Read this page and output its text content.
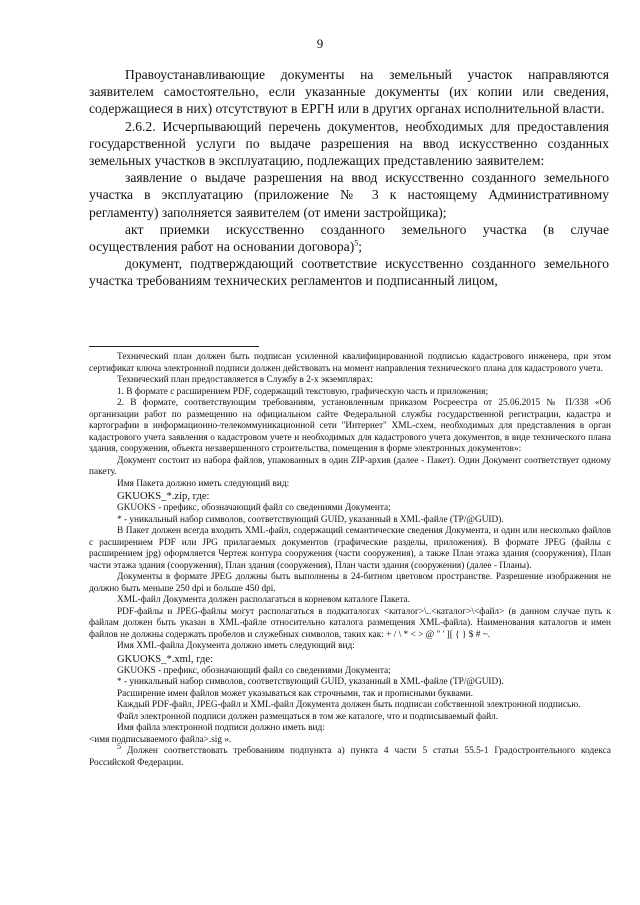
9

Правоустанавливающие документы на земельный участок направляются заявителем самостоятельно, если указанные документы (их копии или сведения, содержащиеся в них) отсутствуют в ЕРГН или в других органах исполнительной власти.

2.6.2. Исчерпывающий перечень документов, необходимых для предоставления государственной услуги по выдаче разрешения на ввод искусственно созданных земельных участков в эксплуатацию, подлежащих представлению заявителем:

заявление о выдаче разрешения на ввод искусственно созданного земельного участка в эксплуатацию (приложение № 3 к настоящему Административному регламенту) заполняется заявителем (от имени застройщика);

акт приемки искусственно созданного земельного участка (в случае осуществления работ на основании договора)$^5$;

документ, подтверждающий соответствие искусственно созданного земельного участка требованиям технических регламентов и подписанный лицом,

Технический план должен быть подписан усиленной квалифицированной подписью кадастрового инженера, при этом сертификат ключа электронной подписи должен действовать на момент направления технического плана для кадастрового учета.

Технический план предоставляется в Службу в 2-х экземплярах:

1. В формате с расширением PDF, содержащий текстовую, графическую часть и приложения;

2. В формате, соответствующим требованиям, установленным приказом Росреестра от 25.06.2015 № П/338 «Об организации работ по размещению на официальном сайте Федеральной службы государственной регистрации, кадастра и картографии в информационно-телекоммуникационной сети "Интернет" XML-схем, необходимых для представления в орган кадастрового учета заявления о кадастровом учете и необходимых для кадастрового учета документов, в виде технического плана здания, сооружения, объекта незавершенного строительства, помещения в форме электронных документов»:

Документ состоит из набора файлов, упакованных в один ZIP-архив (далее - Пакет). Один Документ соответствует одному пакету.

Имя Пакета должно иметь следующий вид:

GKUOKS_*.zip, где:

GKUOKS - префикс, обозначающий файл со сведениями Документа;

* - уникальный набор символов, соответствующий GUID, указанный в XML-файле (TP/@GUID).

В Пакет должен всегда входить XML-файл, содержащий семантические сведения Документа, и один или несколько файлов с расширением PDF или JPG прилагаемых документов (графические разделы, приложения). В формате JPEG (файлы с расширением jpg) оформляется Чертеж контура сооружения (части сооружения), а также План этажа здания (сооружения), План части этажа здания (сооружения), План здания (сооружения), План части здания (сооружения) (далее - Планы).

Документы в формате JPEG должны быть выполнены в 24-битном цветовом пространстве. Разрешение изображения не должно быть меньше 250 dpi и больше 450 dpi.

XML-файл Документа должен располагаться в корневом каталоге Пакета.

PDF-файлы и JPEG-файлы могут располагаться в подкаталогах <каталог>\..<каталог>\<файл> (в данном случае путь к файлам должен быть указан в XML-файле относительно каталога размещения XML-файла). Наименования каталогов и имен файлов не должны содержать пробелов и служебных символов, таких как: + / \ * < > @ " ' ][ { } $ # ~.

Имя XML-файла Документа должно иметь следующий вид:

GKUOKS_*.xml, где:

GKUOKS - префикс, обозначающий файл со сведениями Документа;

* - уникальный набор символов, соответствующий GUID, указанный в XML-файле (TP/@GUID).

Расширение имен файлов может указываться как строчными, так и прописными буквами.

Каждый PDF-файл, JPEG-файл и XML-файл Документа должен быть подписан собственной электронной подписью.

Файл электронной подписи должен размещаться в том же каталоге, что и подписываемый файл.

Имя файла электронной подписи должно иметь вид:

<имя подписываемого файла>.sig ».

$^5$ Должен соответствовать требованиям подпункта а) пункта 4 части 5 статьи 55.5-1 Градостроительного кодекса Российской Федерации.
